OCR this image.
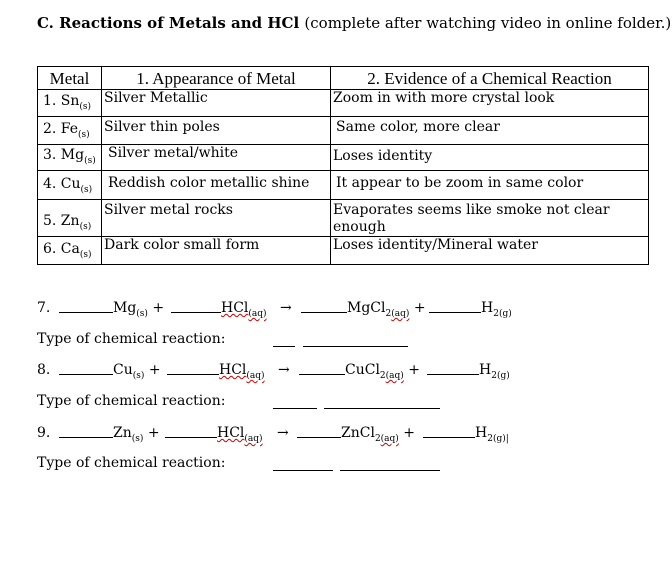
C. Reactions of Metals and HCl (complete after watching video in online folder.)
Metal	1. Appearance of Metal	2. Evidence of a Chemical Reaction
1. $Sn_{(s)}$	Silver Metallic	Zoom in with more crystal look
2. $Fe_{(s)}$	Silver thin poles	Same color, more clear
3. $Mg_{(s)}$	Silver metal/white	Loses identity
4. $Cu_{(s)}$	Reddish color metallic shine	It appear to be zoom in same color
5. $Zn_{(s)}$	Silver metal rocks	Evaporates seems like smoke not clear enough
6. $Ca_{(s)}$	Dark color small form	Loses identity/Mineral water
7.	$Mg_{(s)}$ +	HCl$_{(aq)}$ →	MgCl$_{2(aq)}$ +	$H_{2(g)}$
Type of chemical reaction:
8.	$Cu_{(s)}$ +	HCl$_{(aq)}$ →	CuCl$_{2(aq)}$ +	$H_{2(g)}$
Type of chemical reaction:
9.	$Zn_{(s)}$ +	HCl$_{(aq)}$ →	ZnCl$_{2(aq)}$ +	$H_{2(g)|}$
Type of chemical reaction:
